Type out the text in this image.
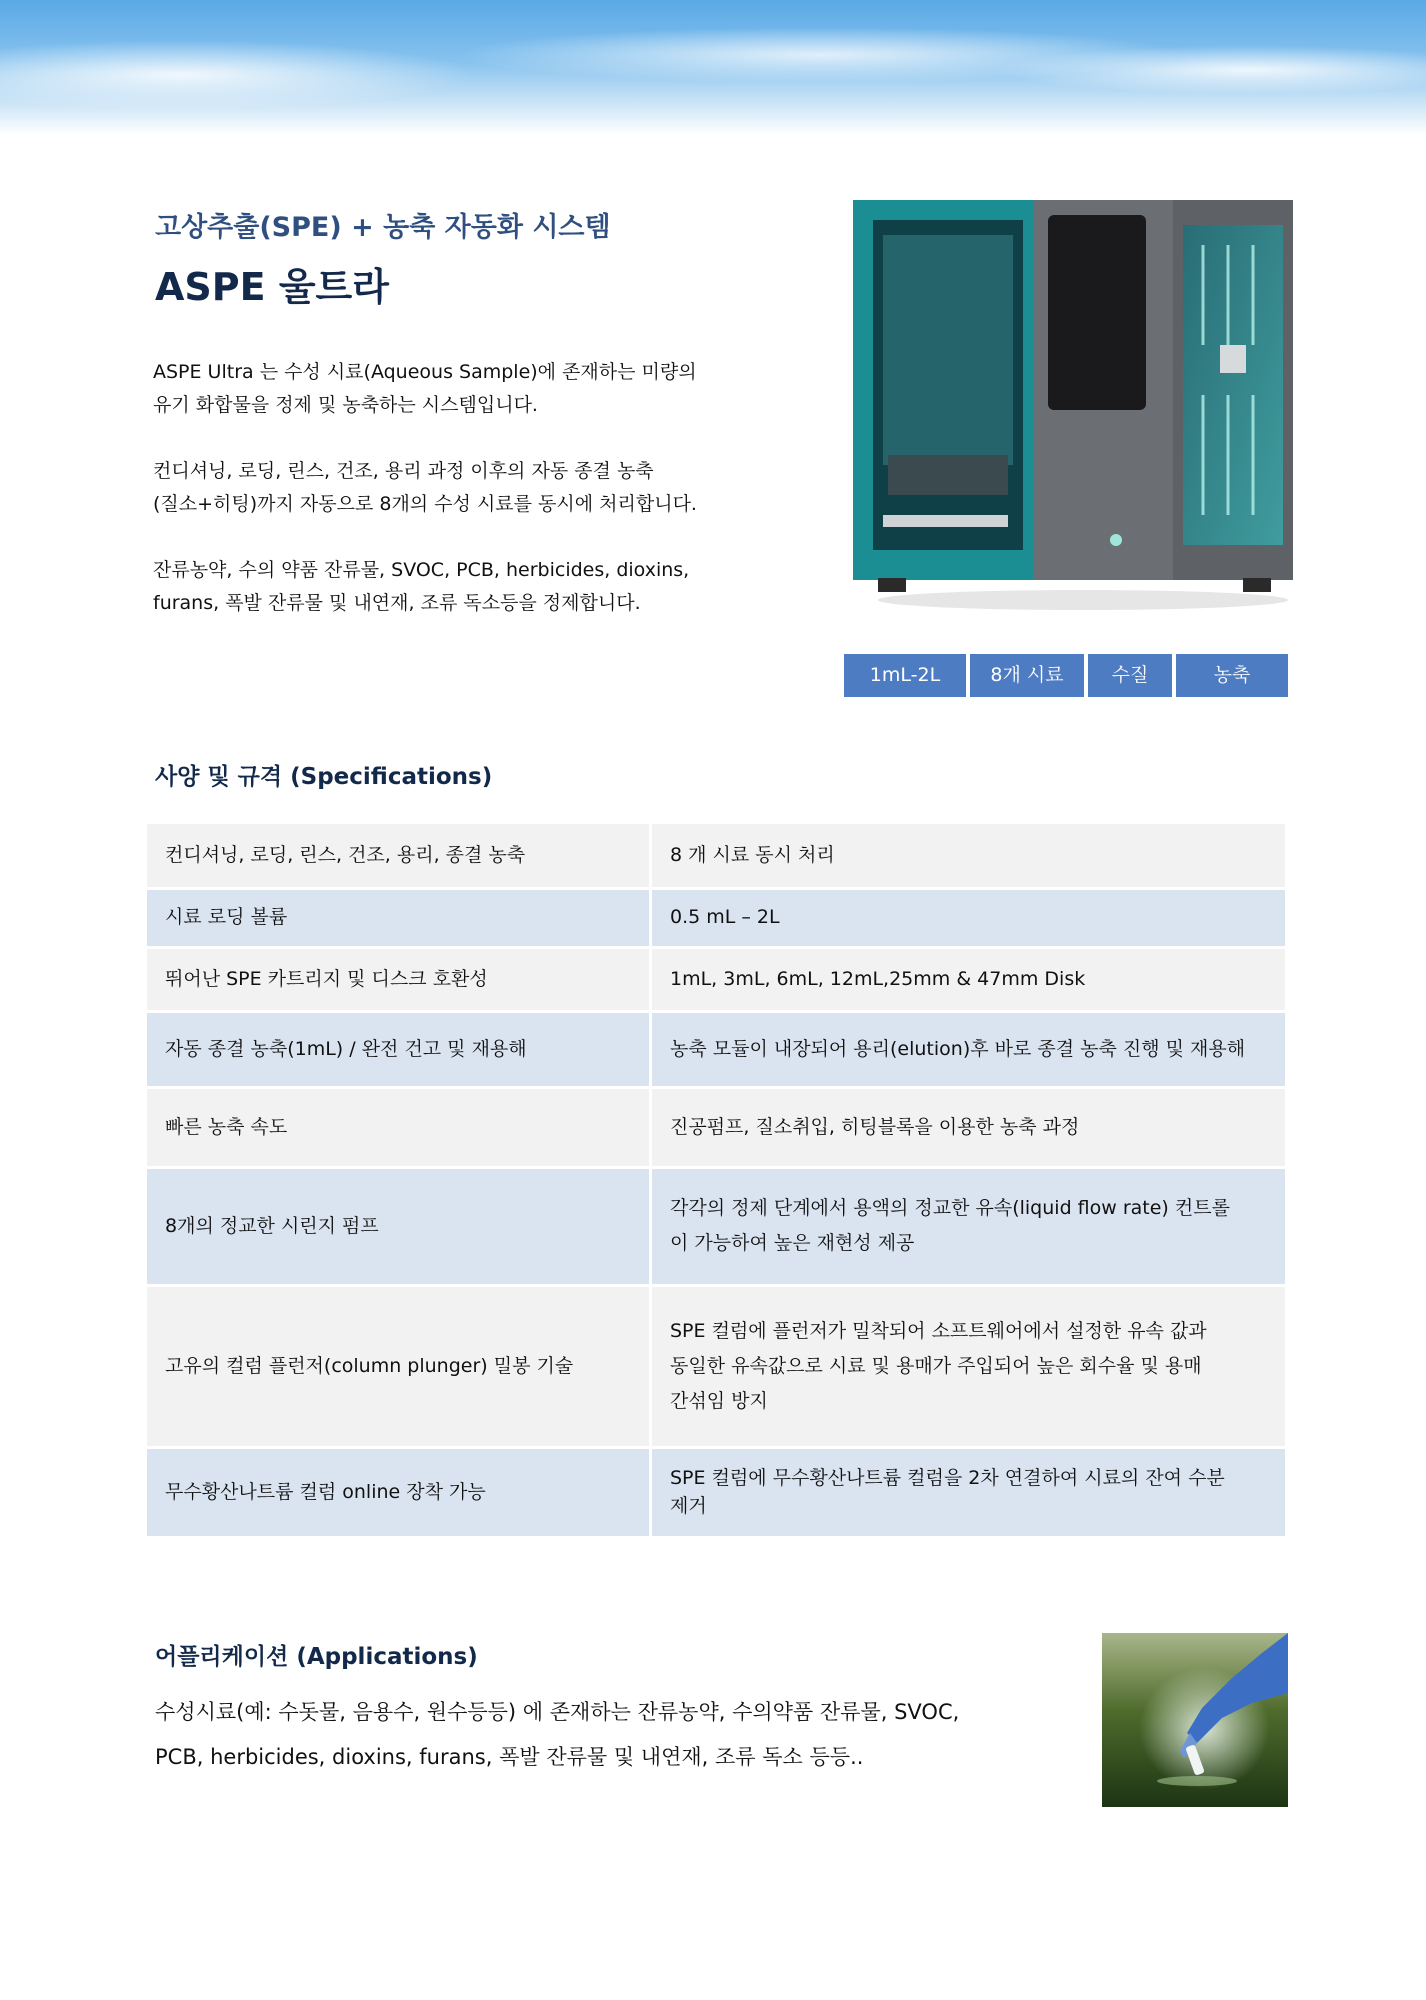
고상추출(SPE) + 농축 자동화 시스템
ASPE 울트라

ASPE Ultra 는 수성 시료(Aqueous Sample)에 존재하는 미량의
유기 화합물을 정제 및 농축하는 시스템입니다.

컨디셔닝, 로딩, 린스, 건조, 용리 과정 이후의 자동 종결 농축
(질소+히팅)까지 자동으로 8개의 수성 시료를 동시에 처리합니다.

잔류농약, 수의 약품 잔류물, SVOC, PCB, herbicides, dioxins,
furans, 폭발 잔류물 및 내연재, 조류 독소등을 정제합니다.

1mL-2L	8개 시료	수질	농축
사양 및 규격 (Specifications)
컨디셔닝, 로딩, 린스, 건조, 용리, 종결 농축	8 개 시료 동시 처리

시료 로딩 볼륨	0.5 mL – 2L

뛰어난 SPE 카트리지 및 디스크 호환성	1mL, 3mL, 6mL, 12mL,25mm & 47mm Disk

자동 종결 농축(1mL) / 완전 건고 및 재용해	농축 모듈이 내장되어 용리(elution)후 바로 종결 농축 진행 및 재용해

빠른 농축 속도	진공펌프, 질소취입, 히팅블록을 이용한 농축 과정

8개의 정교한 시린지 펌프	각각의 정제 단계에서 용액의 정교한 유속(liquid flow rate) 컨트롤
이 가능하여 높은 재현성 제공

고유의 컬럼 플런저(column plunger) 밀봉 기술	SPE 컬럼에 플런저가 밀착되어 소프트웨어에서 설정한 유속 값과
동일한 유속값으로 시료 및 용매가 주입되어 높은 회수율 및 용매
간섞임 방지

무수황산나트륨 컬럼 online 장착 가능	SPE 컬럼에 무수황산나트륨 컬럼을 2차 연결하여 시료의 잔여 수분
제거
어플리케이션 (Applications)

수성시료(예: 수돗물, 음용수, 원수등등) 에 존재하는 잔류농약, 수의약품 잔류물, SVOC,
PCB, herbicides, dioxins, furans, 폭발 잔류물 및 내연재, 조류 독소 등등..
